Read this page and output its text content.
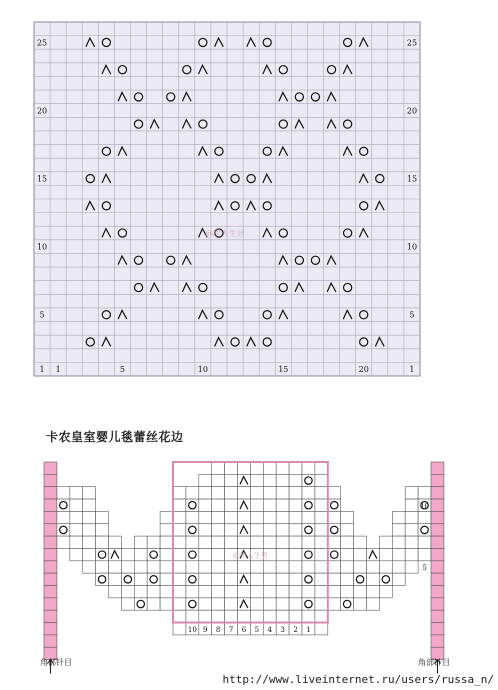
1
5
10
15
20
25
1
5
10
15
20
25
1	5	10	15	20
@织人生居
卡农皇室婴儿毯蕾丝花边
10 9 8 7 6 5 4 3 2 1
10
5
@织人生居
角部针目	角部针目
http://www.liveinternet.ru/users/russa_n/
